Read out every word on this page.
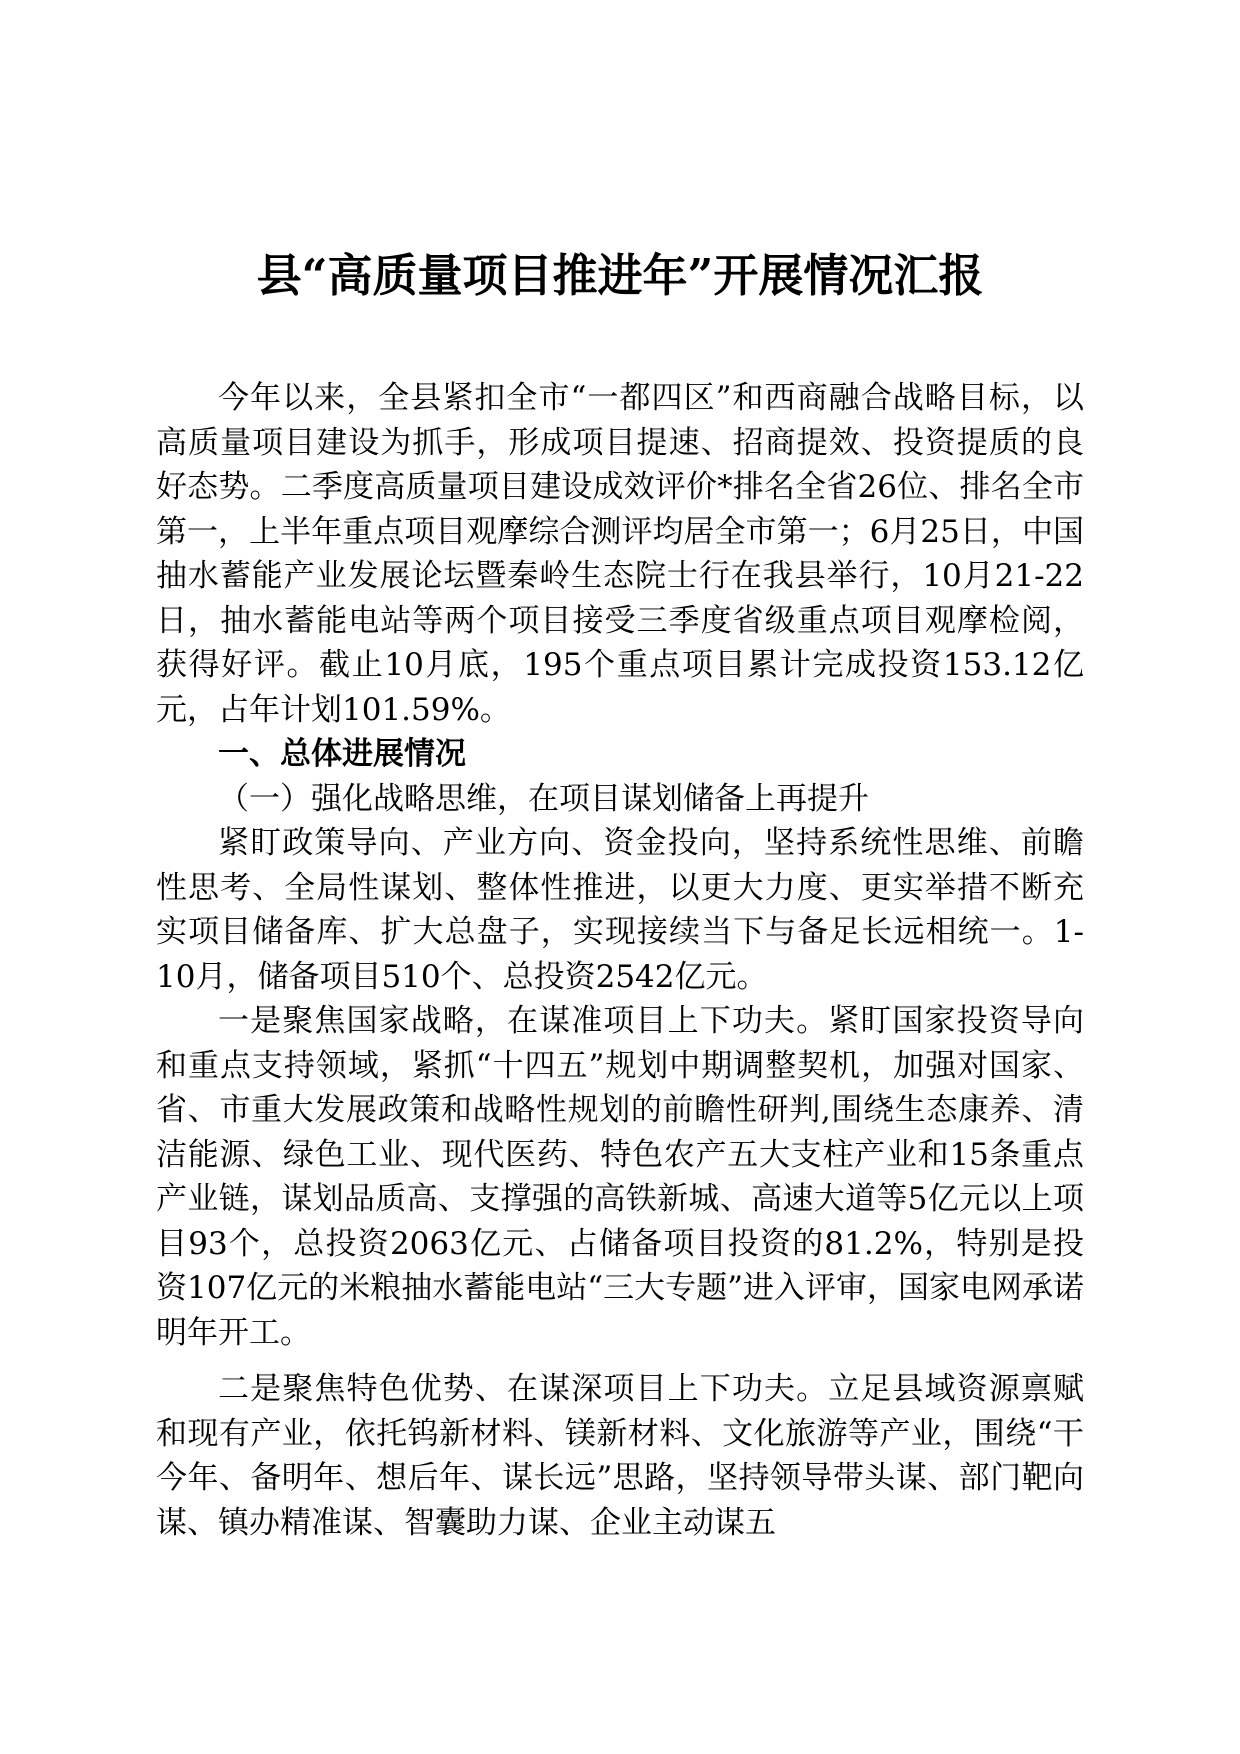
县“高质量项目推进年”开展情况汇报

今年以来，全县紧扣全市“一都四区”和西商融合战略目标，以高质量项目建设为抓手，形成项目提速、招商提效、投资提质的良好态势。二季度高质量项目建设成效评价*排名全省26位、排名全市第一，上半年重点项目观摩综合测评均居全市第一；6月25日，中国抽水蓄能产业发展论坛暨秦岭生态院士行在我县举行，10月21-22日，抽水蓄能电站等两个项目接受三季度省级重点项目观摩检阅，获得好评。截止10月底，195个重点项目累计完成投资153.12亿元，占年计划101.59%。

一、总体进展情况

（一）强化战略思维，在项目谋划储备上再提升

紧盯政策导向、产业方向、资金投向，坚持系统性思维、前瞻性思考、全局性谋划、整体性推进，以更大力度、更实举措不断充实项目储备库、扩大总盘子，实现接续当下与备足长远相统一。1-10月，储备项目510个、总投资2542亿元。

一是聚焦国家战略，在谋准项目上下功夫。紧盯国家投资导向和重点支持领域，紧抓“十四五”规划中期调整契机，加强对国家、省、市重大发展政策和战略性规划的前瞻性研判,围绕生态康养、清洁能源、绿色工业、现代医药、特色农产五大支柱产业和15条重点产业链，谋划品质高、支撑强的高铁新城、高速大道等5亿元以上项目93个，总投资2063亿元、占储备项目投资的81.2%，特别是投资107亿元的米粮抽水蓄能电站“三大专题”进入评审，国家电网承诺明年开工。

二是聚焦特色优势、在谋深项目上下功夫。立足县域资源禀赋和现有产业，依托钨新材料、镁新材料、文化旅游等产业，围绕“干今年、备明年、想后年、谋长远”思路，坚持领导带头谋、部门靶向谋、镇办精准谋、智囊助力谋、企业主动谋五
